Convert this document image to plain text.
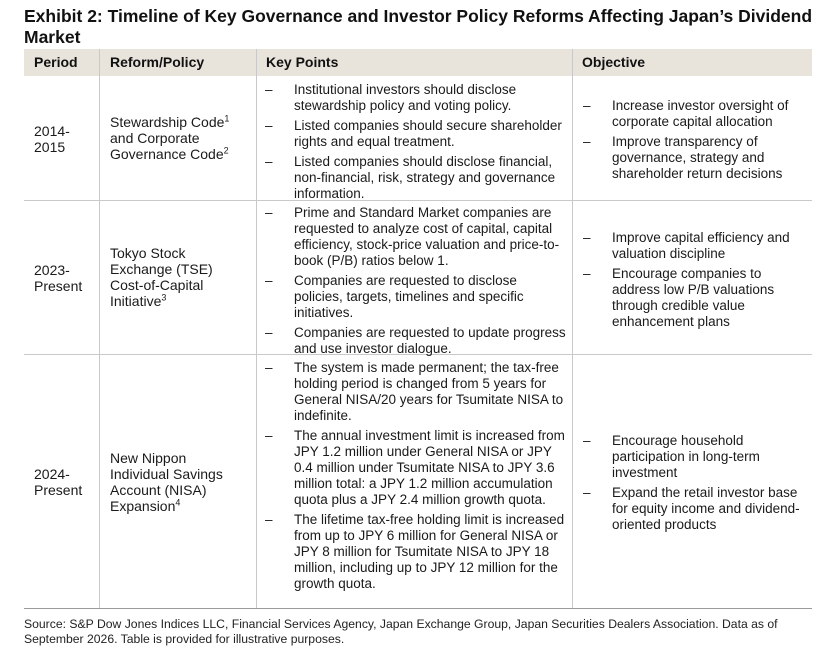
Exhibit 2: Timeline of Key Governance and Investor Policy Reforms Affecting Japan’s Dividend Market
Period Reform/Policy	Key Points	Objective
2014-
2015
Stewardship Code$^1$
and Corporate
Governance Code$^2$
– Institutional investors should disclose stewardship policy and voting policy.
– Listed companies should secure shareholder rights and equal treatment.
– Listed companies should disclose financial, non-financial, risk, strategy and governance information.
– Increase investor oversight of corporate capital allocation
– Improve transparency of governance, strategy and shareholder return decisions
2023-
Present
Tokyo Stock
Exchange (TSE)
Cost-of-Capital
Initiative$^3$
– Prime and Standard Market companies are requested to analyze cost of capital, capital efficiency, stock-price valuation and price-to-book (P/B) ratios below 1.
– Companies are requested to disclose policies, targets, timelines and specific initiatives.
– Companies are requested to update progress and use investor dialogue.
– Improve capital efficiency and valuation discipline
– Encourage companies to address low P/B valuations through credible value enhancement plans
2024-
Present
New Nippon
Individual Savings
Account (NISA)
Expansion$^4$
– The system is made permanent; the tax-free holding period is changed from 5 years for General NISA/20 years for Tsumitate NISA to indefinite.
– The annual investment limit is increased from JPY 1.2 million under General NISA or JPY 0.4 million under Tsumitate NISA to JPY 3.6 million total: a JPY 1.2 million accumulation quota plus a JPY 2.4 million growth quota.
– The lifetime tax-free holding limit is increased from up to JPY 6 million for General NISA or JPY 8 million for Tsumitate NISA to JPY 18 million, including up to JPY 12 million for the growth quota.
– Encourage household participation in long-term investment
– Expand the retail investor base for equity income and dividend-oriented products
Source: S&P Dow Jones Indices LLC, Financial Services Agency, Japan Exchange Group, Japan Securities Dealers Association. Data as of September 2026. Table is provided for illustrative purposes.
